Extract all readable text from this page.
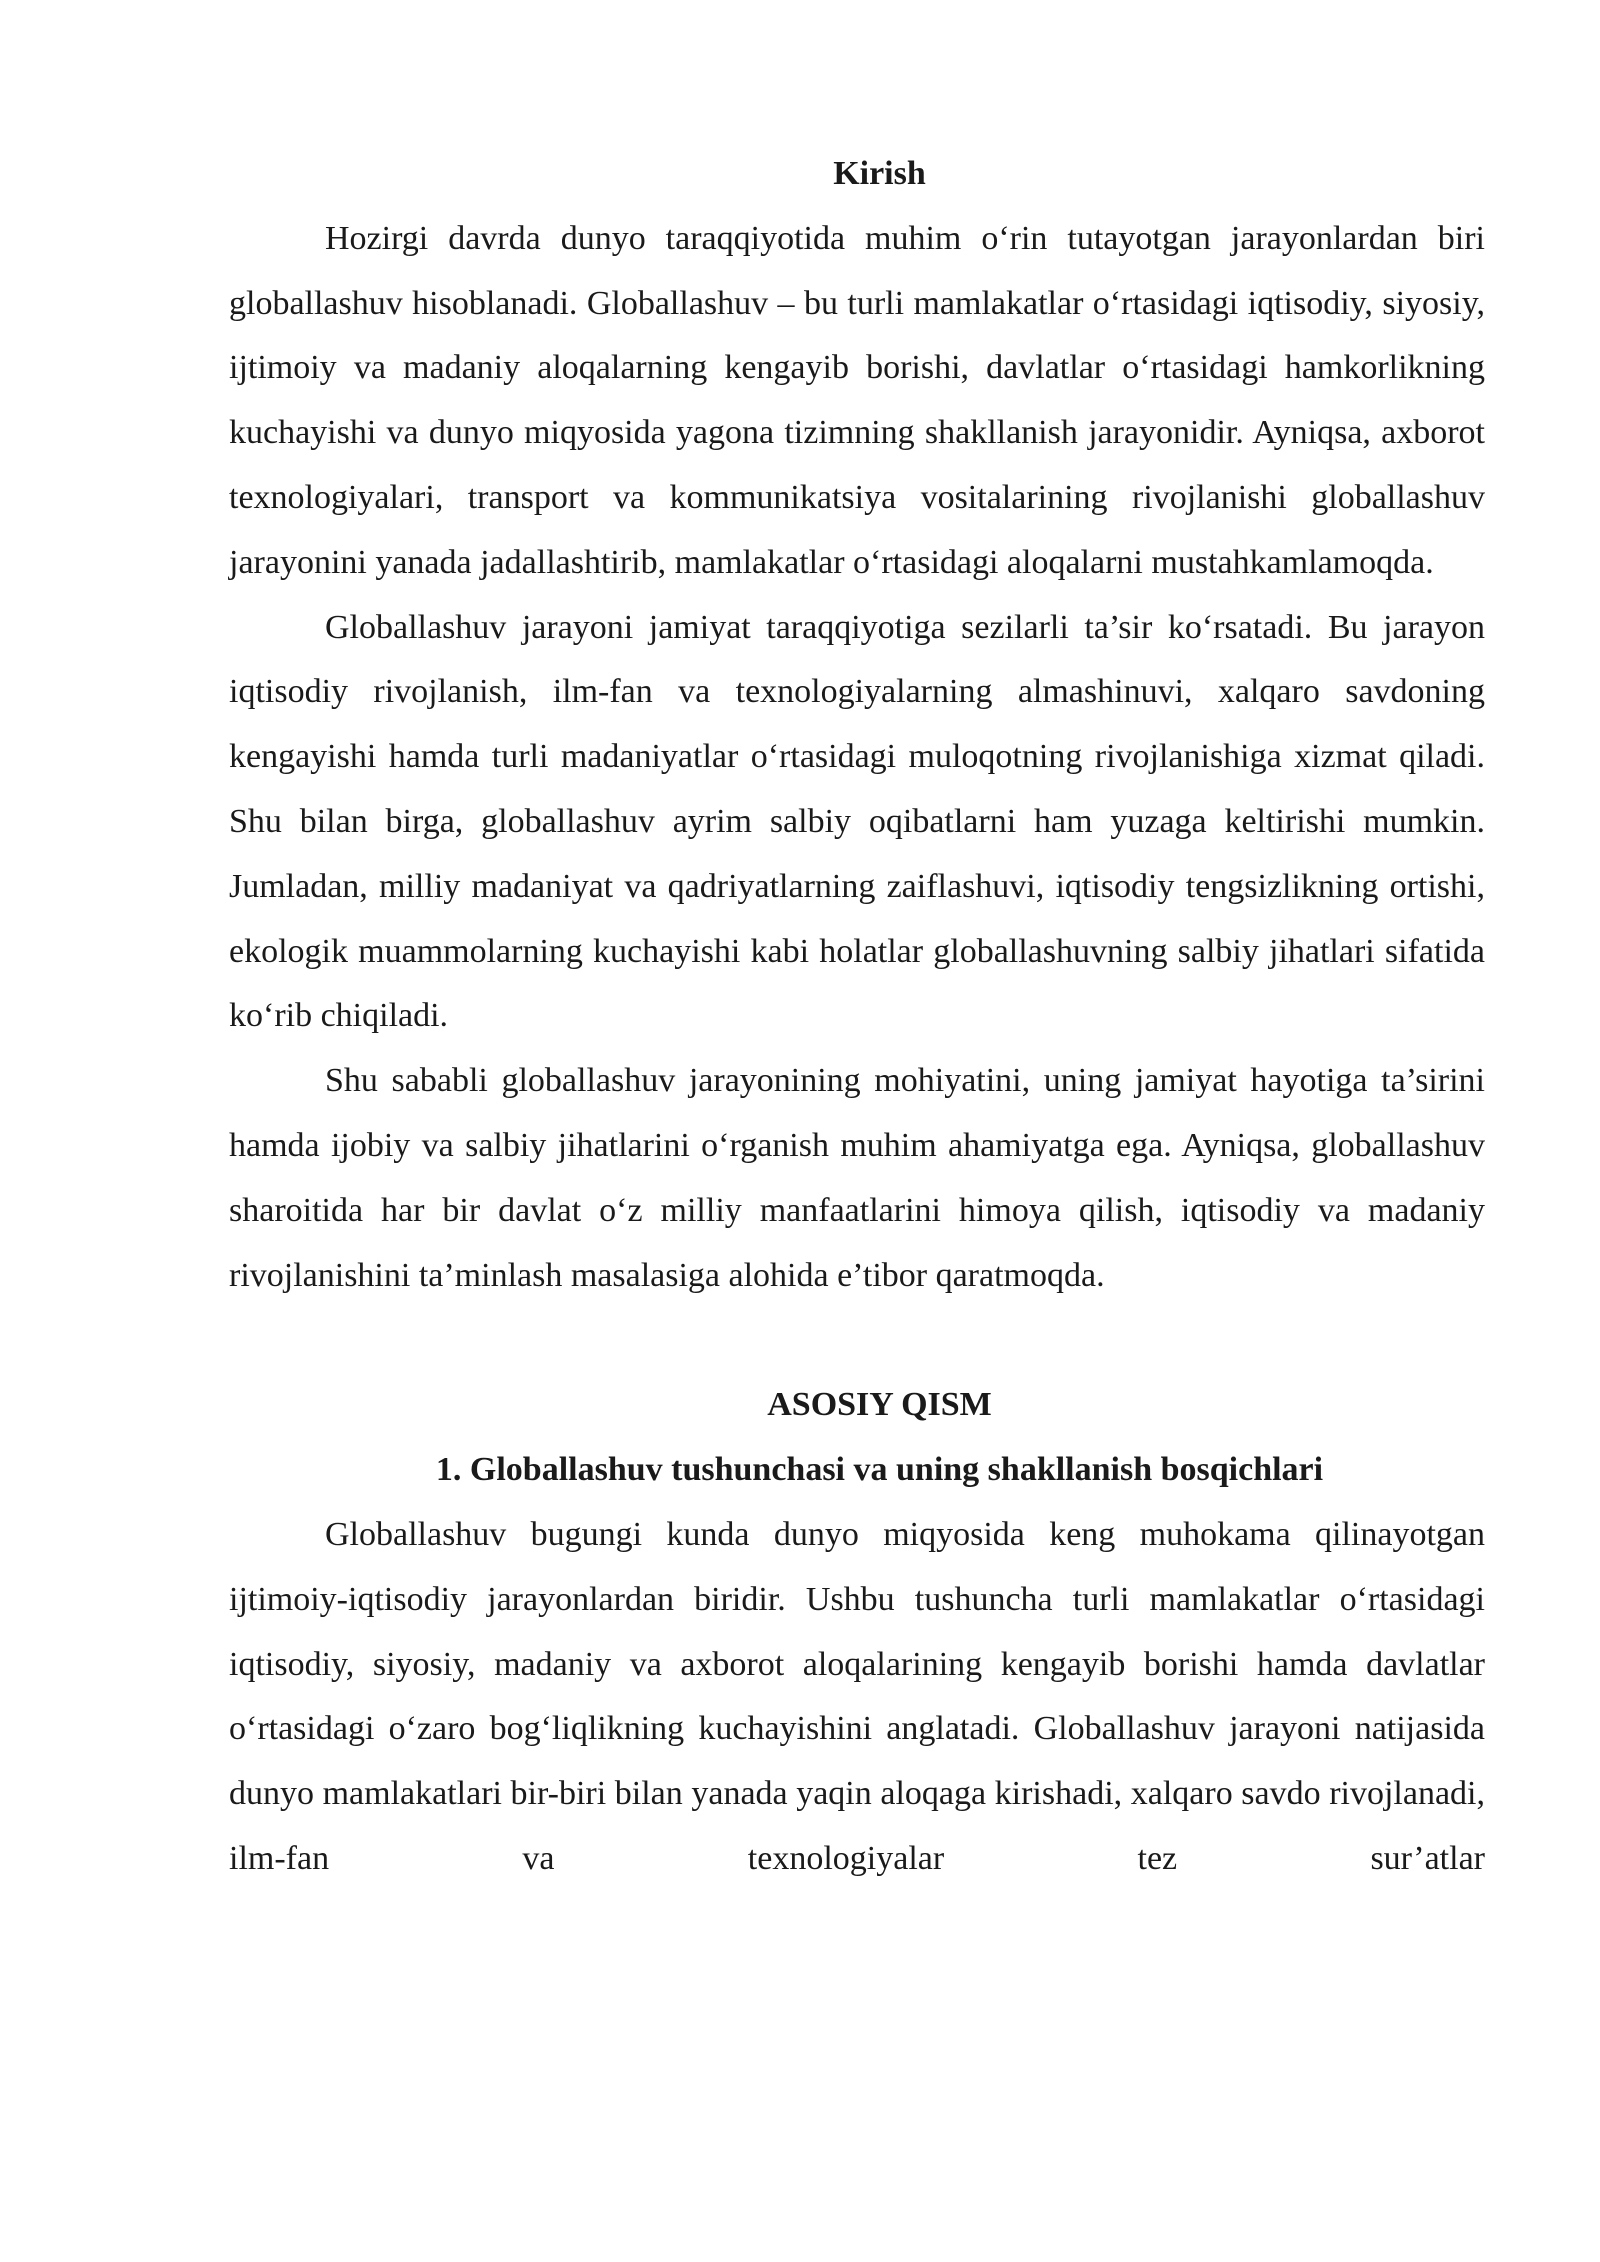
Kirish

Hozirgi davrda dunyo taraqqiyotida muhim o‘rin tutayotgan jarayonlardan biri globallashuv hisoblanadi. Globallashuv – bu turli mamlakatlar o‘rtasidagi iqtisodiy, siyosiy, ijtimoiy va madaniy aloqalarning kengayib borishi, davlatlar o‘rtasidagi hamkorlikning kuchayishi va dunyo miqyosida yagona tizimning shakllanish jarayonidir. Ayniqsa, axborot texnologiyalari, transport va kommunikatsiya vositalarining rivojlanishi globallashuv jarayonini yanada jadallashtirib, mamlakatlar o‘rtasidagi aloqalarni mustahkamlamoqda.

Globallashuv jarayoni jamiyat taraqqiyotiga sezilarli ta’sir ko‘rsatadi. Bu jarayon iqtisodiy rivojlanish, ilm-fan va texnologiyalarning almashinuvi, xalqaro savdoning kengayishi hamda turli madaniyatlar o‘rtasidagi muloqotning rivojlanishiga xizmat qiladi. Shu bilan birga, globallashuv ayrim salbiy oqibatlarni ham yuzaga keltirishi mumkin. Jumladan, milliy madaniyat va qadriyatlarning zaiflashuvi, iqtisodiy tengsizlikning ortishi, ekologik muammolarning kuchayishi kabi holatlar globallashuvning salbiy jihatlari sifatida ko‘rib chiqiladi.

Shu sababli globallashuv jarayonining mohiyatini, uning jamiyat hayotiga ta’sirini hamda ijobiy va salbiy jihatlarini o‘rganish muhim ahamiyatga ega. Ayniqsa, globallashuv sharoitida har bir davlat o‘z milliy manfaatlarini himoya qilish, iqtisodiy va madaniy rivojlanishini ta’minlash masalasiga alohida e’tibor qaratmoqda.

ASOSIY QISM
1. Globallashuv tushunchasi va uning shakllanish bosqichlari

Globallashuv bugungi kunda dunyo miqyosida keng muhokama qilinayotgan ijtimoiy-iqtisodiy jarayonlardan biridir. Ushbu tushuncha turli mamlakatlar o‘rtasidagi iqtisodiy, siyosiy, madaniy va axborot aloqalarining kengayib borishi hamda davlatlar o‘rtasidagi o‘zaro bog‘liqlikning kuchayishini anglatadi. Globallashuv jarayoni natijasida dunyo mamlakatlari bir-biri bilan yanada yaqin aloqaga kirishadi, xalqaro savdo rivojlanadi, ilm-fan va texnologiyalar tez sur’atlar
